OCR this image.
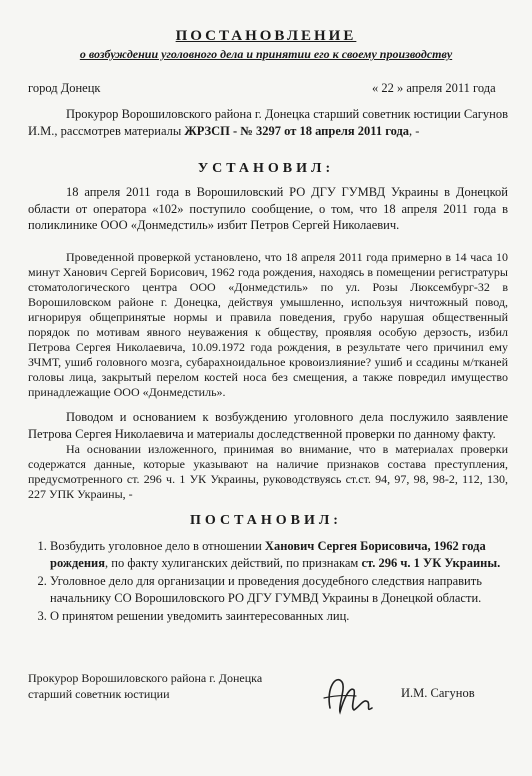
ПОСТАНОВЛЕНИЕ
о возбуждении уголовного дела и принятии его к своему производству
город Донецк	« 22 » апреля 2011 года
Прокурор Ворошиловского района г. Донецка старший советник юстиции Сагунов И.М., рассмотрев материалы ЖРЗСП - № 3297 от 18 апреля 2011 года, -
УСТАНОВИЛ:
18 апреля 2011 года в Ворошиловский РО ДГУ ГУМВД Украины в Донецкой области от оператора «102» поступило сообщение, о том, что 18 апреля 2011 года в поликлинике ООО «Донмедстиль» избит Петров Сергей Николаевич.
Проведенной проверкой установлено, что 18 апреля 2011 года примерно в 14 часа 10 минут Ханович Сергей Борисович, 1962 года рождения, находясь в помещении регистратуры стоматологического центра ООО «Донмедстиль» по ул. Розы Люксембург-32 в Ворошиловском районе г. Донецка, действуя умышленно, используя ничтожный повод, игнорируя общепринятые нормы и правила поведения, грубо нарушая общественный порядок по мотивам явного неуважения к обществу, проявляя особую дерзость, избил Петрова Сергея Николаевича, 10.09.1972 года рождения, в результате чего причинил ему ЗЧМТ, ушиб головного мозга, субарахноидальное кровоизлияние? ушиб и ссадины м/тканей головы лица, закрытый перелом костей носа без смещения, а также повредил имущество принадлежащие ООО «Донмедстиль».
Поводом и основанием к возбуждению уголовного дела послужило заявление Петрова Сергея Николаевича и материалы доследственной проверки по данному факту.
На основании изложенного, принимая во внимание, что в материалах проверки содержатся данные, которые указывают на наличие признаков состава преступления, предусмотренного ст. 296 ч. 1 УК Украины, руководствуясь ст.ст. 94, 97, 98, 98-2, 112, 130, 227 УПК Украины, -
ПОСТАНОВИЛ:
1. Возбудить уголовное дело в отношении Ханович Сергея Борисовича, 1962 года рождения, по факту хулиганских действий, по признакам ст. 296 ч. 1 УК Украины.
2. Уголовное дело для организации и проведения досудебного следствия направить начальнику СО Ворошиловского РО ДГУ ГУМВД Украины в Донецкой области.
3. О принятом решении уведомить заинтересованных лиц.
Прокурор Ворошиловского района г. Донецка
старший советник юстиции	И.М. Сагунов
